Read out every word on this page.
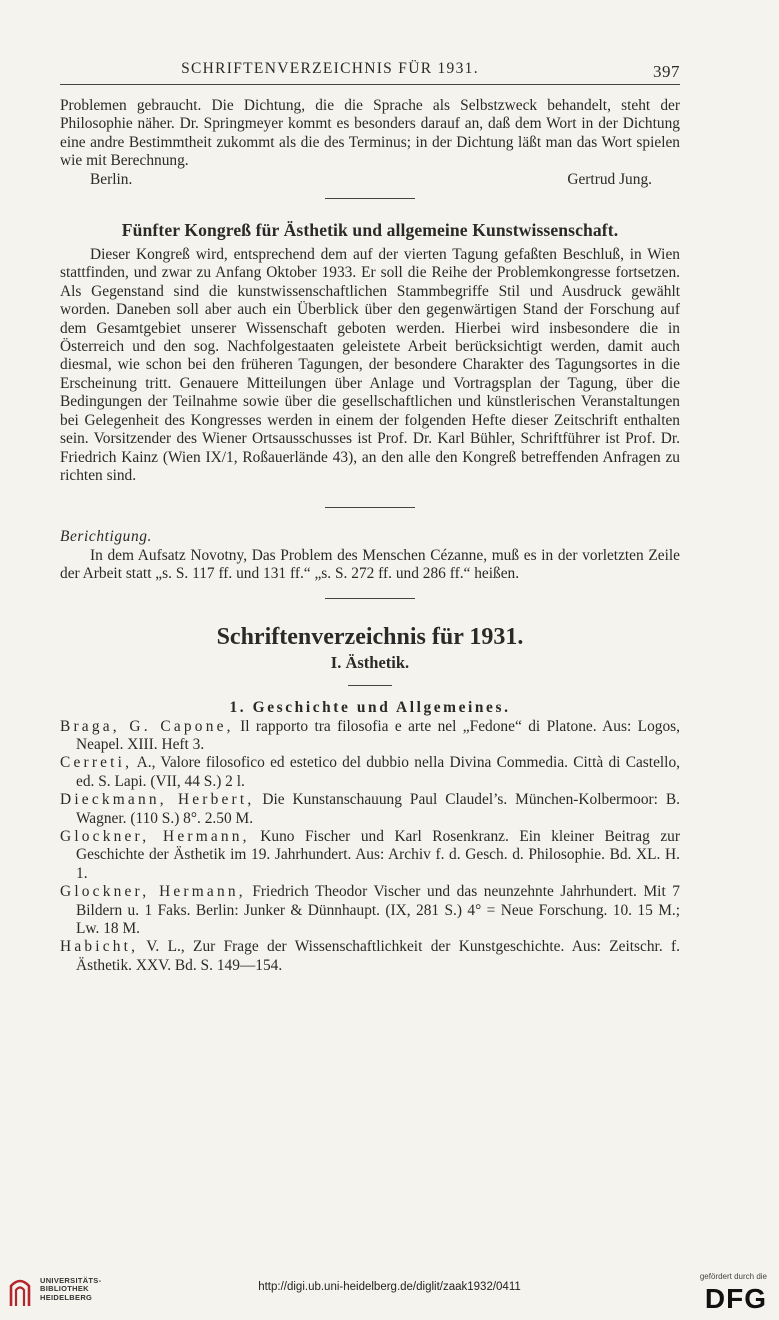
SCHRIFTENVERZEICHNIS FÜR 1931.	397

Problemen gebraucht. Die Dichtung, die die Sprache als Selbstzweck behandelt, steht der Philosophie näher. Dr. Springmeyer kommt es besonders darauf an, daß dem Wort in der Dichtung eine andre Bestimmtheit zukommt als die des Terminus; in der Dichtung läßt man das Wort spielen wie mit Berechnung.

Berlin.	Gertrud Jung.
Fünfter Kongreß für Ästhetik und allgemeine Kunstwissenschaft.

Dieser Kongreß wird, entsprechend dem auf der vierten Tagung gefaßten Beschluß, in Wien stattfinden, und zwar zu Anfang Oktober 1933. Er soll die Reihe der Problemkongresse fortsetzen. Als Gegenstand sind die kunstwissenschaftlichen Stammbegriffe Stil und Ausdruck gewählt worden. Daneben soll aber auch ein Überblick über den gegenwärtigen Stand der Forschung auf dem Gesamtgebiet unserer Wissenschaft geboten werden. Hierbei wird insbesondere die in Österreich und den sog. Nachfolgestaaten geleistete Arbeit berücksichtigt werden, damit auch diesmal, wie schon bei den früheren Tagungen, der besondere Charakter des Tagungsortes in die Erscheinung tritt. Genauere Mitteilungen über Anlage und Vortragsplan der Tagung, über die Bedingungen der Teilnahme sowie über die gesellschaftlichen und künstlerischen Veranstaltungen bei Gelegenheit des Kongresses werden in einem der folgenden Hefte dieser Zeitschrift enthalten sein. Vorsitzender des Wiener Ortsausschusses ist Prof. Dr. Karl Bühler, Schriftführer ist Prof. Dr. Friedrich Kainz (Wien IX/1, Roßauerlände 43), an den alle den Kongreß betreffenden Anfragen zu richten sind.

Berichtigung.

In dem Aufsatz Novotny, Das Problem des Menschen Cézanne, muß es in der vorletzten Zeile der Arbeit statt „s. S. 117 ff. und 131 ff.“ „s. S. 272 ff. und 286 ff.“ heißen.

Schriftenverzeichnis für 1931.
I. Ästhetik.
1. Geschichte und Allgemeines.

Braga, G. Capone, Il rapporto tra filosofia e arte nel „Fedone“ di Platone. Aus: Logos, Neapel. XIII. Heft 3.

Cerreti, A., Valore filosofico ed estetico del dubbio nella Divina Commedia. Città di Castello, ed. S. Lapi. (VII, 44 S.) 2 l.

Dieckmann, Herbert, Die Kunstanschauung Paul Claudel’s. München-Kolbermoor: B. Wagner. (110 S.) 8°. 2.50 M.

Glockner, Hermann, Kuno Fischer und Karl Rosenkranz. Ein kleiner Beitrag zur Geschichte der Ästhetik im 19. Jahrhundert. Aus: Archiv f. d. Gesch. d. Philosophie. Bd. XL. H. 1.

Glockner, Hermann, Friedrich Theodor Vischer und das neunzehnte Jahrhundert. Mit 7 Bildern u. 1 Faks. Berlin: Junker & Dünnhaupt. (IX, 281 S.) 4° = Neue Forschung. 10. 15 M.; Lw. 18 M.

Habicht, V. L., Zur Frage der Wissenschaftlichkeit der Kunstgeschichte. Aus: Zeitschr. f. Ästhetik. XXV. Bd. S. 149—154.

UNIVERSITÄTS-
BIBLIOTHEK
HEIDELBERG
http://digi.ub.uni-heidelberg.de/diglit/zaak1932/0411
gefördert durch die
DFG
